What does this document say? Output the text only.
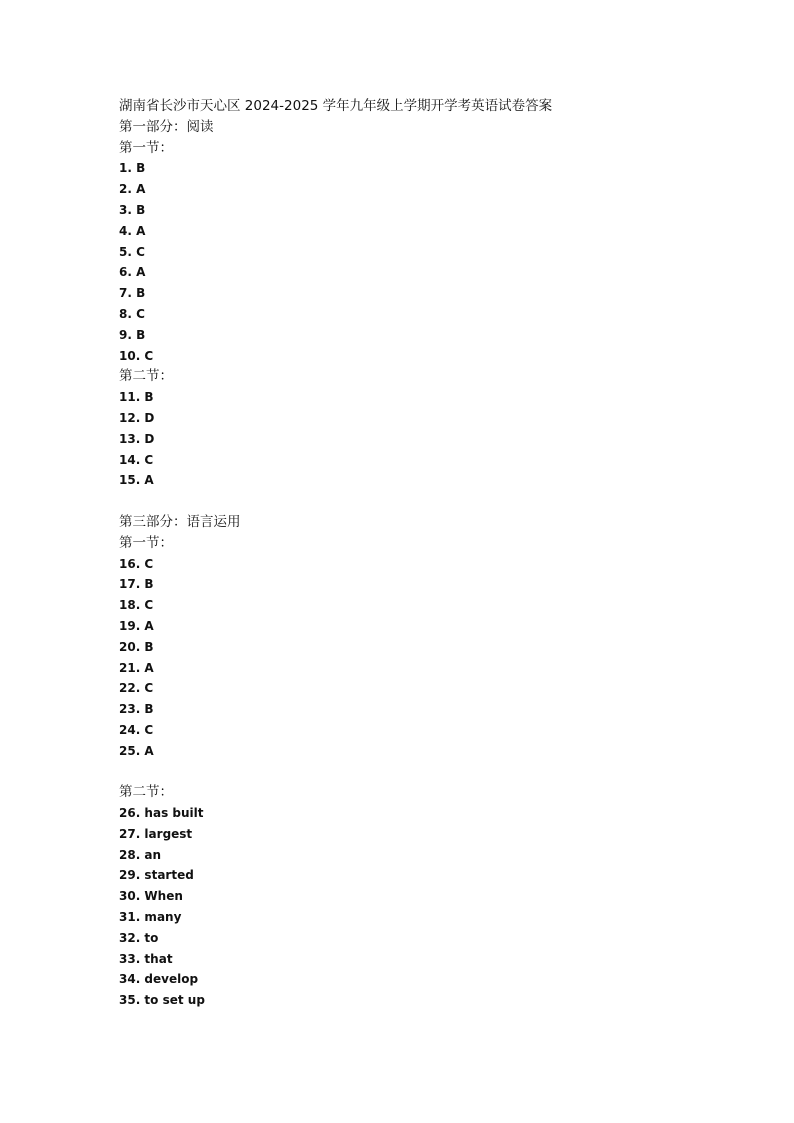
湖南省长沙市天心区 2024-2025 学年九年级上学期开学考英语试卷答案
第一部分：阅读
第一节：
1. B
2. A
3. B
4. A
5. C
6. A
7. B
8. C
9. B
10. C
第二节：
11. B
12. D
13. D
14. C
15. A
第三部分：语言运用
第一节：
16. C
17. B
18. C
19. A
20. B
21. A
22. C
23. B
24. C
25. A
第二节：
26. has built
27. largest
28. an
29. started
30. When
31. many
32. to
33. that
34. develop
35. to set up
